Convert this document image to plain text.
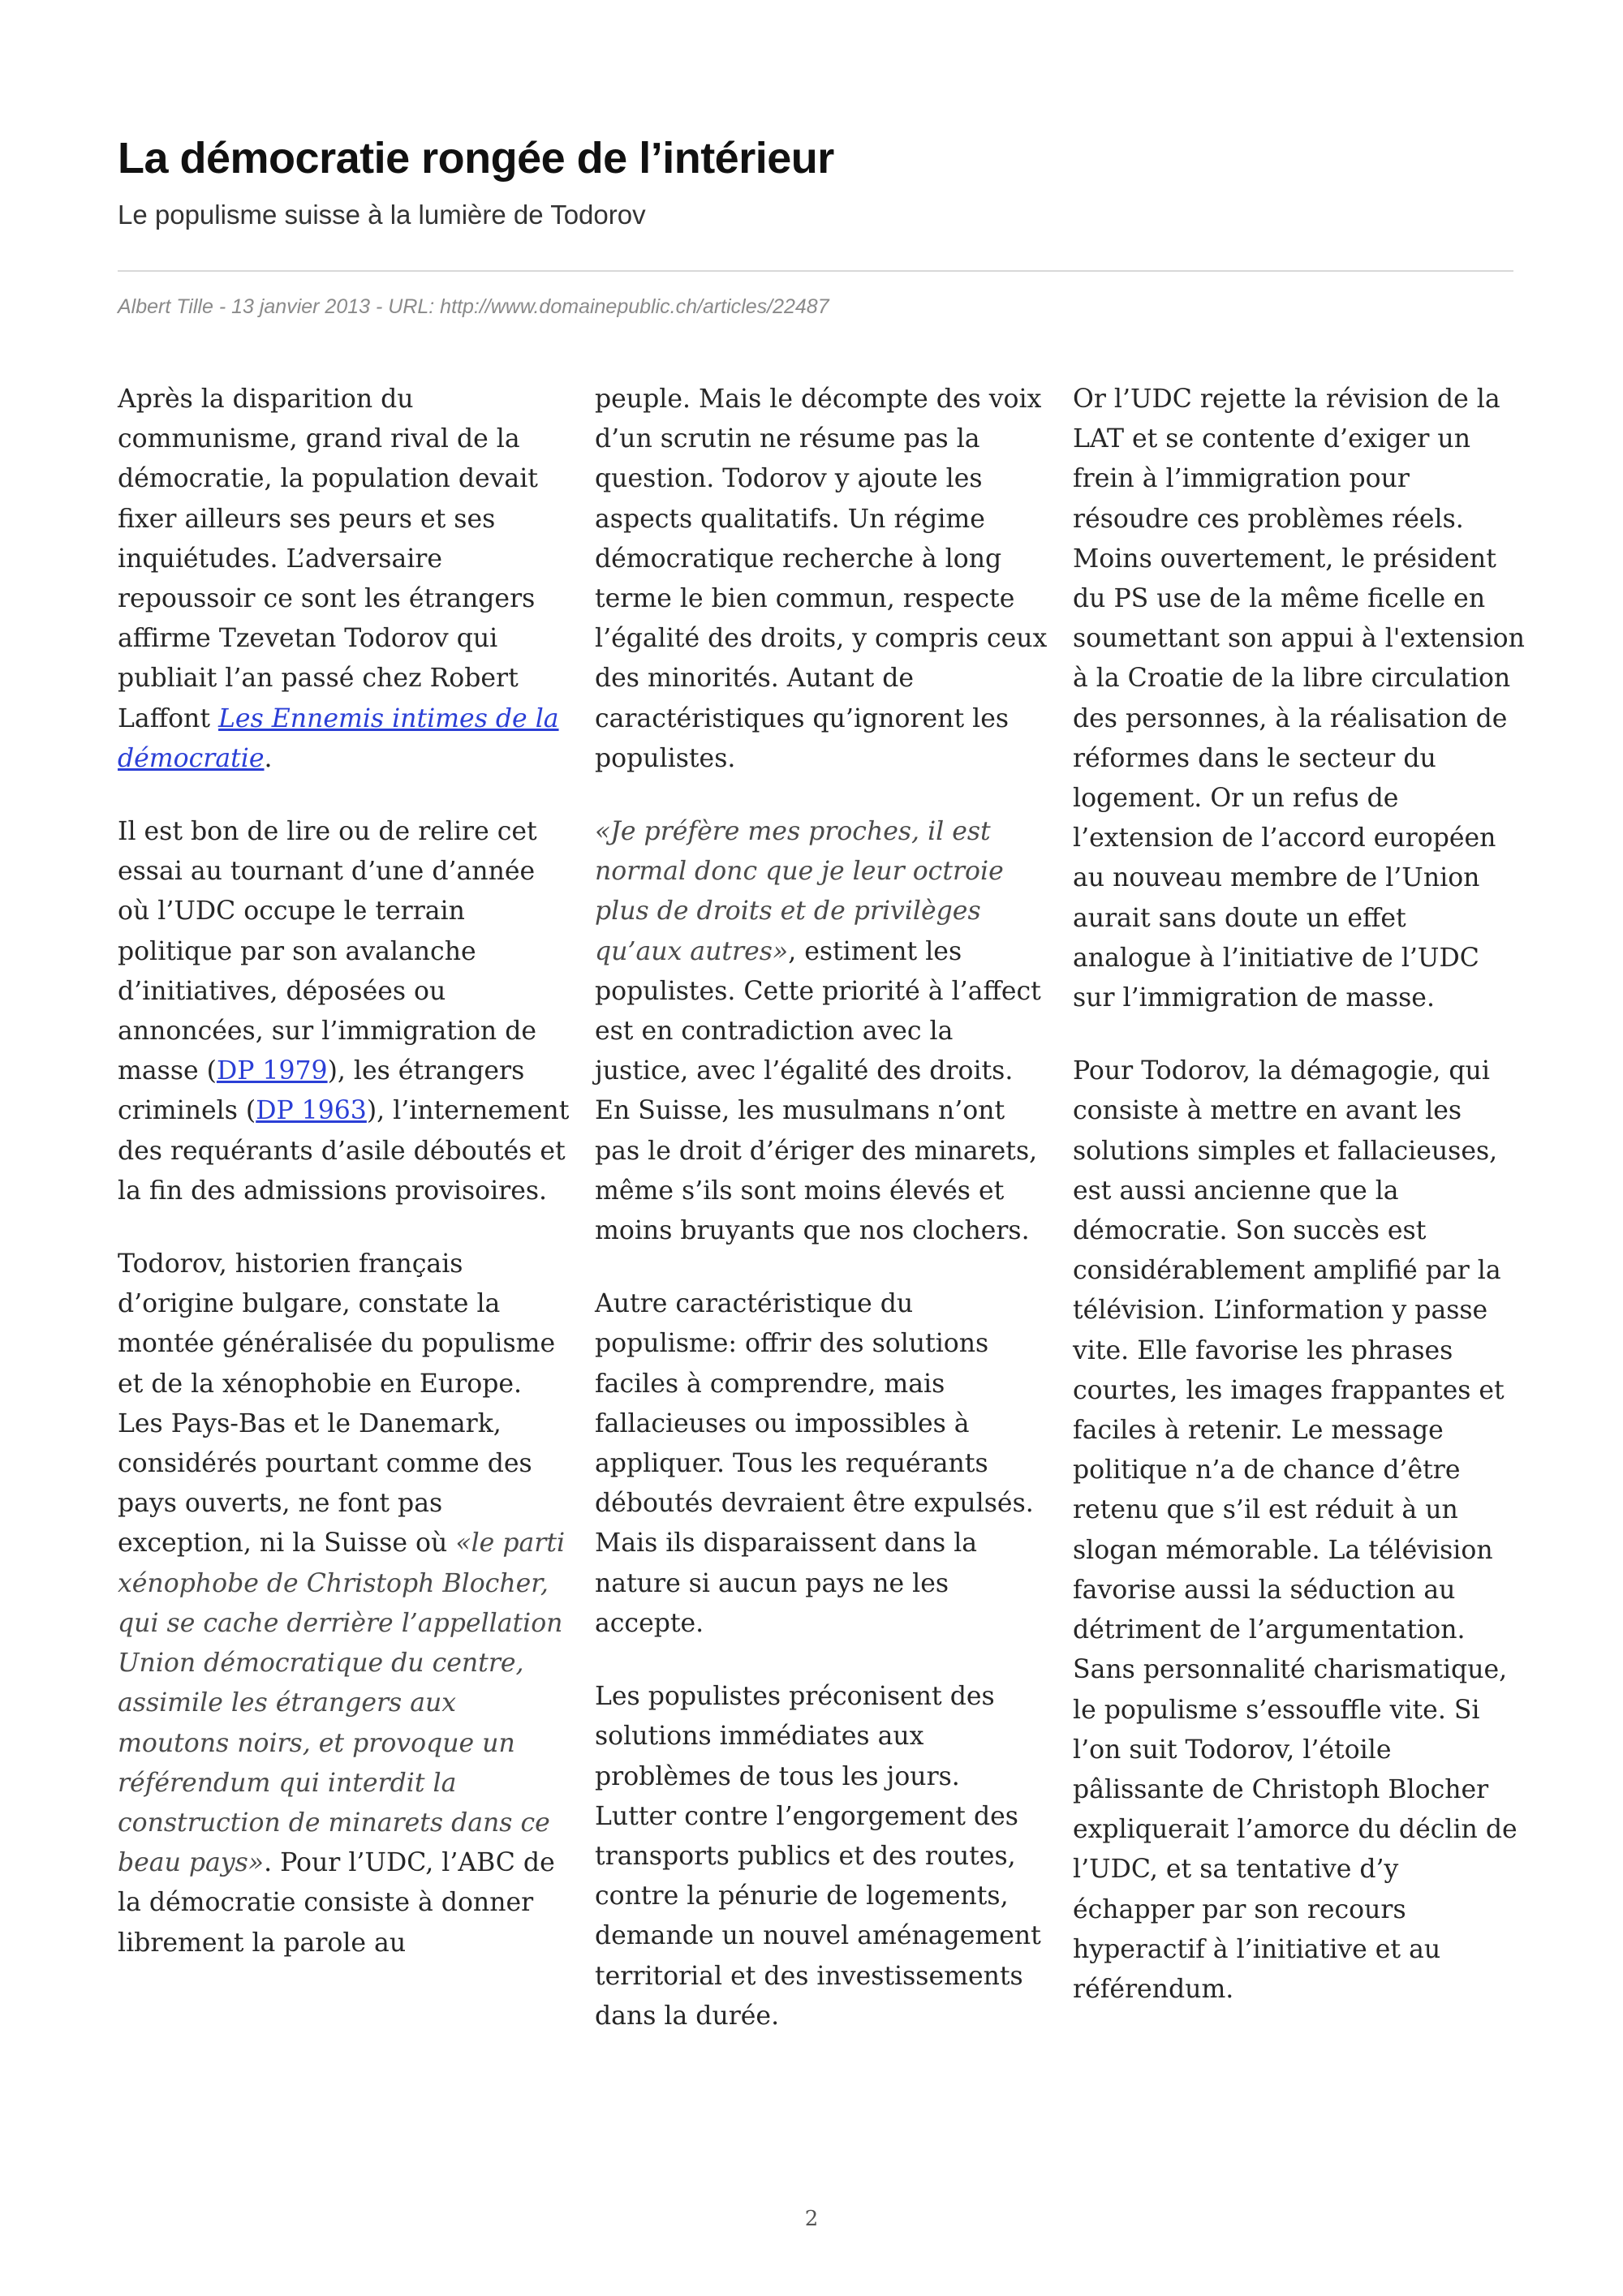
La démocratie rongée de l’intérieur
Le populisme suisse à la lumière de Todorov
Albert Tille - 13 janvier 2013 - URL: http://www.domainepublic.ch/articles/22487

Après la disparition du communisme, grand rival de la démocratie, la population devait fixer ailleurs ses peurs et ses inquiétudes. L’adversaire repoussoir ce sont les étrangers affirme Tzevetan Todorov qui publiait l’an passé chez Robert Laffont Les Ennemis intimes de la démocratie.

Il est bon de lire ou de relire cet essai au tournant d’une d’année où l’UDC occupe le terrain politique par son avalanche d’initiatives, déposées ou annoncées, sur l’immigration de masse (DP 1979), les étrangers criminels (DP 1963), l’internement des requérants d’asile déboutés et la fin des admissions provisoires.

Todorov, historien français d’origine bulgare, constate la montée généralisée du populisme et de la xénophobie en Europe. Les Pays-Bas et le Danemark, considérés pourtant comme des pays ouverts, ne font pas exception, ni la Suisse où «le parti xénophobe de Christoph Blocher, qui se cache derrière l’appellation Union démocratique du centre, assimile les étrangers aux moutons noirs, et provoque un référendum qui interdit la construction de minarets dans ce beau pays». Pour l’UDC, l’ABC de la démocratie consiste à donner librement la parole au

peuple. Mais le décompte des voix d’un scrutin ne résume pas la question. Todorov y ajoute les aspects qualitatifs. Un régime démocratique recherche à long terme le bien commun, respecte l’égalité des droits, y compris ceux des minorités. Autant de caractéristiques qu’ignorent les populistes.

«Je préfère mes proches, il est normal donc que je leur octroie plus de droits et de privilèges qu’aux autres», estiment les populistes. Cette priorité à l’affect est en contradiction avec la justice, avec l’égalité des droits. En Suisse, les musulmans n’ont pas le droit d’ériger des minarets, même s’ils sont moins élevés et moins bruyants que nos clochers.

Autre caractéristique du populisme: offrir des solutions faciles à comprendre, mais fallacieuses ou impossibles à appliquer. Tous les requérants déboutés devraient être expulsés. Mais ils disparaissent dans la nature si aucun pays ne les accepte.

Les populistes préconisent des solutions immédiates aux problèmes de tous les jours. Lutter contre l’engorgement des transports publics et des routes, contre la pénurie de logements, demande un nouvel aménagement territorial et des investissements dans la durée.

Or l’UDC rejette la révision de la LAT et se contente d’exiger un frein à l’immigration pour résoudre ces problèmes réels. Moins ouvertement, le président du PS use de la même ficelle en soumettant son appui à l'extension à la Croatie de la libre circulation des personnes, à la réalisation de réformes dans le secteur du logement. Or un refus de l’extension de l’accord européen au nouveau membre de l’Union aurait sans doute un effet analogue à l’initiative de l’UDC sur l’immigration de masse.

Pour Todorov, la démagogie, qui consiste à mettre en avant les solutions simples et fallacieuses, est aussi ancienne que la démocratie. Son succès est considérablement amplifié par la télévision. L’information y passe vite. Elle favorise les phrases courtes, les images frappantes et faciles à retenir. Le message politique n’a de chance d’être retenu que s’il est réduit à un slogan mémorable. La télévision favorise aussi la séduction au détriment de l’argumentation. Sans personnalité charismatique, le populisme s’essouffle vite. Si l’on suit Todorov, l’étoile pâlissante de Christoph Blocher expliquerait l’amorce du déclin de l’UDC, et sa tentative d’y échapper par son recours hyperactif à l’initiative et au référendum.

2
